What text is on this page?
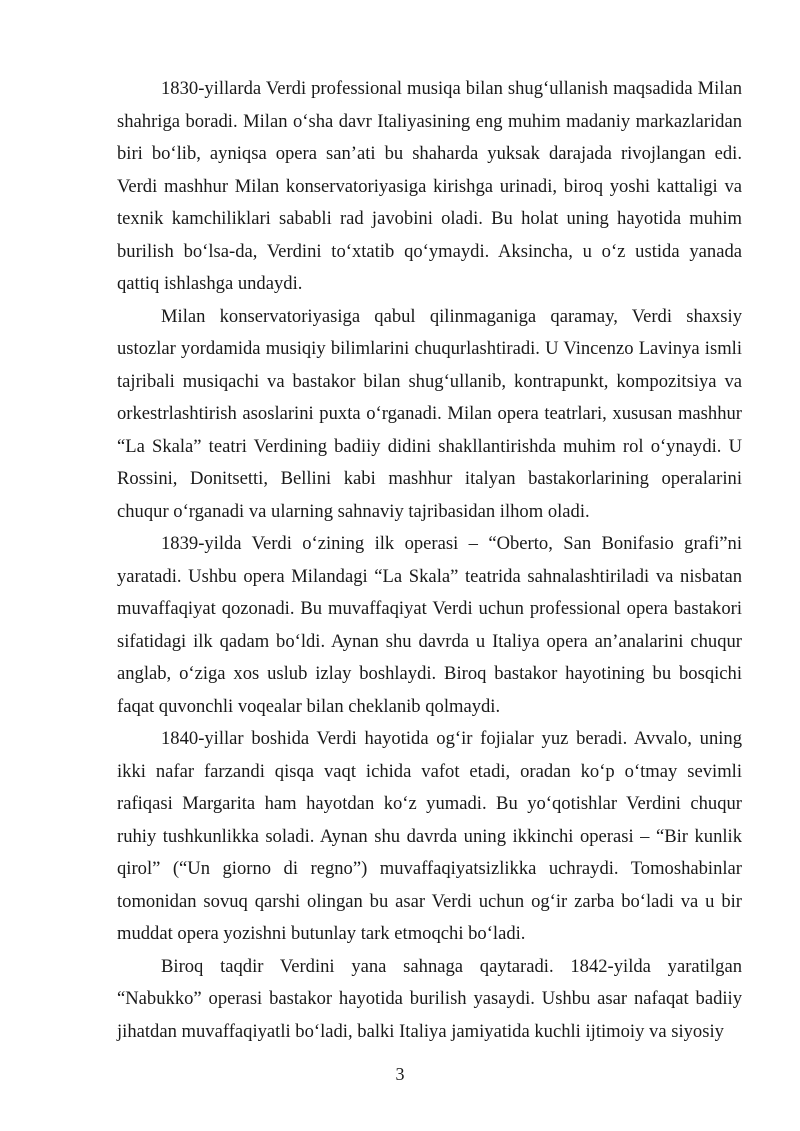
1830-yillarda Verdi professional musiqa bilan shug‘ullanish maqsadida Milan shahriga boradi. Milan o‘sha davr Italiyasining eng muhim madaniy markazlaridan biri bo‘lib, ayniqsa opera san’ati bu shaharda yuksak darajada rivojlangan edi. Verdi mashhur Milan konservatoriyasiga kirishga urinadi, biroq yoshi kattaligi va texnik kamchiliklari sababli rad javobini oladi. Bu holat uning hayotida muhim burilish bo‘lsa-da, Verdini to‘xtatib qo‘ymaydi. Aksincha, u o‘z ustida yanada qattiq ishlashga undaydi.

Milan konservatoriyasiga qabul qilinmaganiga qaramay, Verdi shaxsiy ustozlar yordamida musiqiy bilimlarini chuqurlashtiradi. U Vincenzo Lavinya ismli tajribali musiqachi va bastakor bilan shug‘ullanib, kontrapunkt, kompozitsiya va orkestrlashtirish asoslarini puxta o‘rganadi. Milan opera teatrlari, xususan mashhur “La Skala” teatri Verdining badiiy didini shakllantirishda muhim rol o‘ynaydi. U Rossini, Donitsetti, Bellini kabi mashhur italyan bastakorlarining operalarini chuqur o‘rganadi va ularning sahnaviy tajribasidan ilhom oladi.

1839-yilda Verdi o‘zining ilk operasi – “Oberto, San Bonifasio grafi”ni yaratadi. Ushbu opera Milandagi “La Skala” teatrida sahnalashtiriladi va nisbatan muvaffaqiyat qozonadi. Bu muvaffaqiyat Verdi uchun professional opera bastakori sifatidagi ilk qadam bo‘ldi. Aynan shu davrda u Italiya opera an’analarini chuqur anglab, o‘ziga xos uslub izlay boshlaydi. Biroq bastakor hayotining bu bosqichi faqat quvonchli voqealar bilan cheklanib qolmaydi.

1840-yillar boshida Verdi hayotida og‘ir fojialar yuz beradi. Avvalo, uning ikki nafar farzandi qisqa vaqt ichida vafot etadi, oradan ko‘p o‘tmay sevimli rafiqasi Margarita ham hayotdan ko‘z yumadi. Bu yo‘qotishlar Verdini chuqur ruhiy tushkunlikka soladi. Aynan shu davrda uning ikkinchi operasi – “Bir kunlik qirol” (“Un giorno di regno”) muvaffaqiyatsizlikka uchraydi. Tomoshabinlar tomonidan sovuq qarshi olingan bu asar Verdi uchun og‘ir zarba bo‘ladi va u bir muddat opera yozishni butunlay tark etmoqchi bo‘ladi.

Biroq taqdir Verdini yana sahnaga qaytaradi. 1842-yilda yaratilgan “Nabukko” operasi bastakor hayotida burilish yasaydi. Ushbu asar nafaqat badiiy jihatdan muvaffaqiyatli bo‘ladi, balki Italiya jamiyatida kuchli ijtimoiy va siyosiy

3
